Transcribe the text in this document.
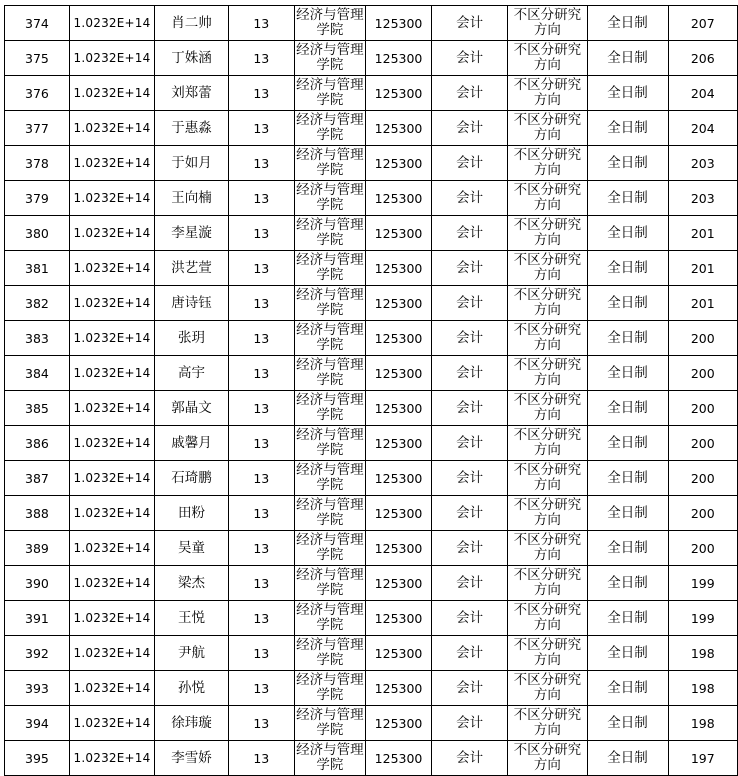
374	1.0232E+14	肖二帅	13	经济与管理学院	125300	会计	不区分研究方向	全日制	207
375	1.0232E+14	丁姝涵	13	经济与管理学院	125300	会计	不区分研究方向	全日制	206
376	1.0232E+14	刘郑蕾	13	经济与管理学院	125300	会计	不区分研究方向	全日制	204
377	1.0232E+14	于惠淼	13	经济与管理学院	125300	会计	不区分研究方向	全日制	204
378	1.0232E+14	于如月	13	经济与管理学院	125300	会计	不区分研究方向	全日制	203
379	1.0232E+14	王向楠	13	经济与管理学院	125300	会计	不区分研究方向	全日制	203
380	1.0232E+14	李星漩	13	经济与管理学院	125300	会计	不区分研究方向	全日制	201
381	1.0232E+14	洪艺萱	13	经济与管理学院	125300	会计	不区分研究方向	全日制	201
382	1.0232E+14	唐诗钰	13	经济与管理学院	125300	会计	不区分研究方向	全日制	201
383	1.0232E+14	张玥	13	经济与管理学院	125300	会计	不区分研究方向	全日制	200
384	1.0232E+14	高宇	13	经济与管理学院	125300	会计	不区分研究方向	全日制	200
385	1.0232E+14	郭晶文	13	经济与管理学院	125300	会计	不区分研究方向	全日制	200
386	1.0232E+14	戚馨月	13	经济与管理学院	125300	会计	不区分研究方向	全日制	200
387	1.0232E+14	石琦鹏	13	经济与管理学院	125300	会计	不区分研究方向	全日制	200
388	1.0232E+14	田粉	13	经济与管理学院	125300	会计	不区分研究方向	全日制	200
389	1.0232E+14	吴童	13	经济与管理学院	125300	会计	不区分研究方向	全日制	200
390	1.0232E+14	梁杰	13	经济与管理学院	125300	会计	不区分研究方向	全日制	199
391	1.0232E+14	王悦	13	经济与管理学院	125300	会计	不区分研究方向	全日制	199
392	1.0232E+14	尹航	13	经济与管理学院	125300	会计	不区分研究方向	全日制	198
393	1.0232E+14	孙悦	13	经济与管理学院	125300	会计	不区分研究方向	全日制	198
394	1.0232E+14	徐玮璇	13	经济与管理学院	125300	会计	不区分研究方向	全日制	198
395	1.0232E+14	李雪娇	13	经济与管理学院	125300	会计	不区分研究方向	全日制	197
